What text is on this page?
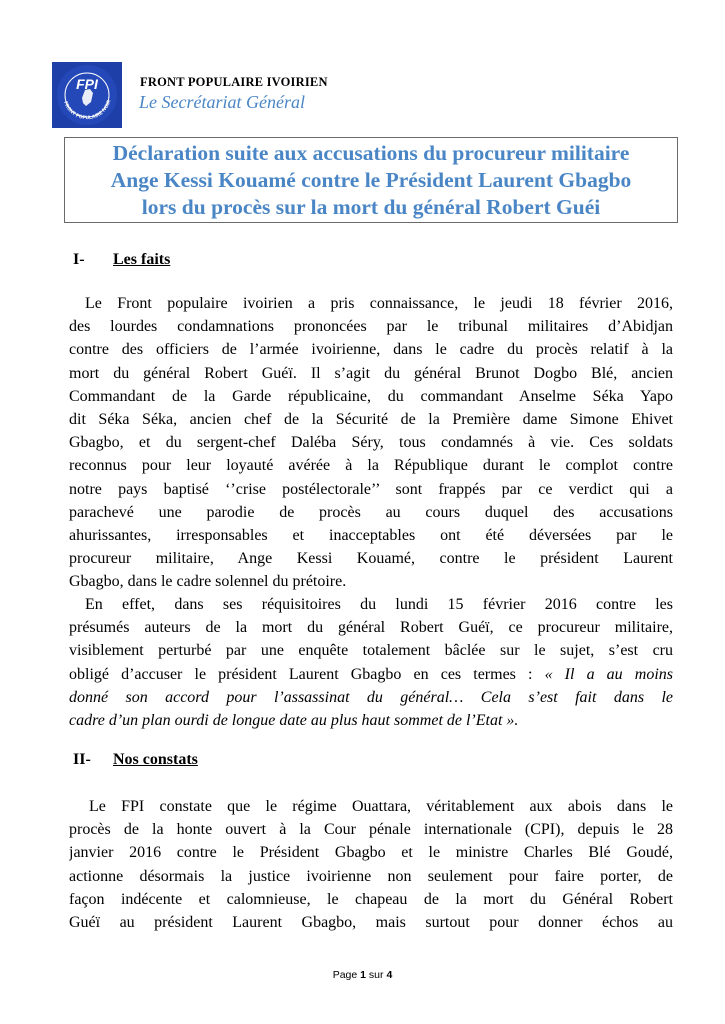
FPI
FRONT POPULAIRE IVOIR
FRONT POPULAIRE IVOIRIEN
Le Secrétariat Général
Déclaration suite aux accusations du procureur militaire
Ange Kessi Kouamé contre le Président Laurent Gbagbo
lors du procès sur la mort du général Robert Guéi
I- Les faits
Le Front populaire ivoirien a pris connaissance, le jeudi 18 février 2016,
des lourdes condamnations prononcées par le tribunal militaires d’Abidjan
contre des officiers de l’armée ivoirienne, dans le cadre du procès relatif à la
mort du général Robert Guéï. Il s’agit du général Brunot Dogbo Blé, ancien
Commandant de la Garde républicaine, du commandant Anselme Séka Yapo
dit Séka Séka, ancien chef de la Sécurité de la Première dame Simone Ehivet
Gbagbo, et du sergent-chef Daléba Séry, tous condamnés à vie. Ces soldats
reconnus pour leur loyauté avérée à la République durant le complot contre
notre pays baptisé ‘’crise postélectorale’’ sont frappés par ce verdict qui a
parachevé une parodie de procès au cours duquel des accusations
ahurissantes, irresponsables et inacceptables ont été déversées par le
procureur militaire, Ange Kessi Kouamé, contre le président Laurent
Gbagbo, dans le cadre solennel du prétoire.
En effet, dans ses réquisitoires du lundi 15 février 2016 contre les
présumés auteurs de la mort du général Robert Guéï, ce procureur militaire,
visiblement perturbé par une enquête totalement bâclée sur le sujet, s’est cru
obligé d’accuser le président Laurent Gbagbo en ces termes : « Il a au moins
donné son accord pour l’assassinat du général… Cela s’est fait dans le
cadre d’un plan ourdi de longue date au plus haut sommet de l’Etat ».
II- Nos constats
Le FPI constate que le régime Ouattara, véritablement aux abois dans le
procès de la honte ouvert à la Cour pénale internationale (CPI), depuis le 28
janvier 2016 contre le Président Gbagbo et le ministre Charles Blé Goudé,
actionne désormais la justice ivoirienne non seulement pour faire porter, de
façon indécente et calomnieuse, le chapeau de la mort du Général Robert
Guéï au président Laurent Gbagbo, mais surtout pour donner échos au
Page 1 sur 4
